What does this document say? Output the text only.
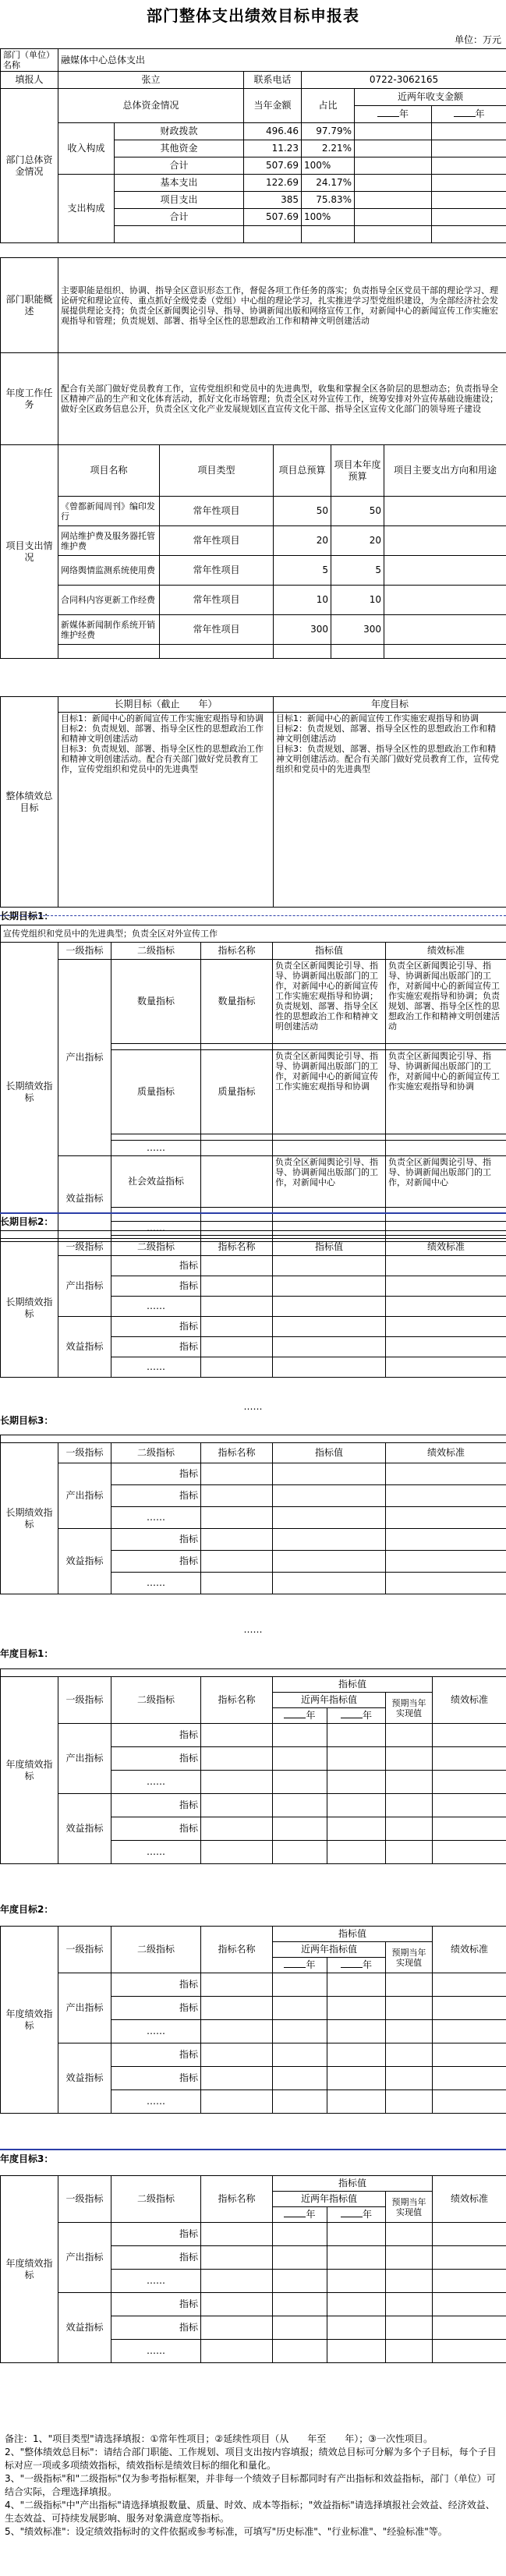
部门整体支出绩效目标申报表
单位：万元
部门（单位）名称	融媒体中心总体支出					
填报人	张立		联系电话	0722-3062165		
部门总体资金情况	总体资金情况		当年金额	占比	近两年收支金额	
					年	年
	收入构成	财政拨款	496.46	97.79%		
		其他资金	11.23	2.21%		
		合计	507.69	100%		
	支出构成	基本支出	122.69	24.17%		
		项目支出	385	75.83%		
		合计	507.69	100%		

部门职能概述	主要职能是组织、协调、指导全区意识形态工作，督促各项工作任务的落实；负责指导全区党员干部的理论学习、理论研究和理论宣传、重点抓好全级党委（党组）中心组的理论学习，扎实推进学习型党组织建设，为全部经济社会发展提供理论支持；负责全区新闻舆论引导、指导、协调新闻出版和网络宣传工作，对新闻中心的新闻宣传工作实施宏观指导和管理；负责规划、部署、指导全区性的思想政治工作和精神文明创建活动
年度工作任务	配合有关部门做好党员教育工作，宣传党组织和党员中的先进典型，收集和掌握全区各阶层的思想动态；负责指导全区精神产品的生产和文化体育活动，抓好文化市场管理；负责全区对外宣传工作，统筹安排对外宣传基础设施建设；做好全区政务信息公开，负责全区文化产业发展规划区直宣传文化干部、指导全区宣传文化部门的领导班子建设
项目支出情况	项目名称	项目类型	项目总预算	项目本年度预算	项目主要支出方向和用途
	《曾都新闻周刊》编印发行	常年性项目	50	50	
	网站维护费及服务器托管维护费	常年性项目	20	20	
	网络舆情监测系统使用费	常年性项目	5	5	
	合同科内容更新工作经费	常年性项目	10	10	
	新媒体新闻制作系统开销维护经费	常年性项目	300	300	

整体绩效总目标	长期目标（截止　　年）	年度目标
	目标1：新闻中心的新闻宣传工作实施宏观指导和协调
目标2：负责规划、部署、指导全区性的思想政治工作和精神文明创建活动
目标3：负责规划、部署、指导全区性的思想政治工作和精神文明创建活动。配合有关部门做好党员教育工作，宣传党组织和党员中的先进典型	目标1：新闻中心的新闻宣传工作实施宏观指导和协调
目标2：负责规划、部署、指导全区性的思想政治工作和精神文明创建活动
目标3：负责规划、部署、指导全区性的思想政治工作和精神文明创建活动。配合有关部门做好党员教育工作，宣传党组织和党员中的先进典型
长期目标1：
宣传党组织和党员中的先进典型；负责全区对外宣传工作					
长期绩效指标	一级指标	二级指标	指标名称	指标值	绩效标准
	产出指标	数量指标	数量指标	负责全区新闻舆论引导、指导、协调新闻出版部门的工作，对新闻中心的新闻宣传工作实施宏观指导和协调；负责规划、部署、指导全区性的思想政治工作和精神文明创建活动	负责全区新闻舆论引导、指导、协调新闻出版部门的工作，对新闻中心的新闻宣传工作实施宏观指导和协调；负责规划、部署、指导全区性的思想政治工作和精神文明创建活动

		质量指标	质量指标	负责全区新闻舆论引导、指导、协调新闻出版部门的工作，对新闻中心的新闻宣传工作实施宏观指导和协调	负责全区新闻舆论引导、指导、协调新闻出版部门的工作，对新闻中心的新闻宣传工作实施宏观指导和协调

		……			
	效益指标	社会效益指标		负责全区新闻舆论引导、指导、协调新闻出版部门的工作，对新闻中心	负责全区新闻舆论引导、指导、协调新闻出版部门的工作，对新闻中心

		……			

长期目标2：

长期绩效指标	一级指标	二级指标	指标名称	指标值	绩效标准
	产出指标	指标			
		指标			
		……			
	效益指标	指标			
		指标			
		……			
……
长期目标3：

长期绩效指标	一级指标	二级指标	指标名称	指标值	绩效标准
	产出指标	指标			
		指标			
		……			
	效益指标	指标			
		指标			
		……			
……
年度目标1：

年度绩效指标	一级指标	二级指标	指标名称	指标值			绩效标准
				近两年指标值		预期当年实现值	
				年	年		
	产出指标	指标					
		指标					
		……					
	效益指标	指标					
		指标					
		……					
年度目标2：
年度绩效指标	一级指标	二级指标	指标名称	指标值			绩效标准
				近两年指标值		预期当年实现值	
				年	年		
	产出指标	指标					
		指标					
		……					
	效益指标	指标					
		指标					
		……					
年度目标3：
年度绩效指标	一级指标	二级指标	指标名称	指标值			绩效标准
				近两年指标值		预期当年实现值	
				年	年		
	产出指标	指标					
		指标					
		……					
	效益指标	指标					
		指标					
		……					

备注：1、"项目类型"请选择填报：①常年性项目；②延续性项目（从　　年至　　年）；③一次性项目。

2、"整体绩效总目标"：请结合部门职能、工作规划、项目支出按内容填报；绩效总目标可分解为多个子目标，每个子目标对应一项或多项绩效指标，绩效指标是绩效目标的细化和量化。

3、"一级指标"和"二级指标"仅为参考指标框架，并非每一个绩效子目标都同时有产出指标和效益指标，部门（单位）可结合实际，合理选择填报。

4、"二级指标"中"产出指标"请选择填报数量、质量、时效、成本等指标；"效益指标"请选择填报社会效益、经济效益、生态效益、可持续发展影响、服务对象满意度等指标。

5、"绩效标准"：设定绩效指标时的文件依据或参考标准，可填写"历史标准"、"行业标准"、"经验标准"等。
